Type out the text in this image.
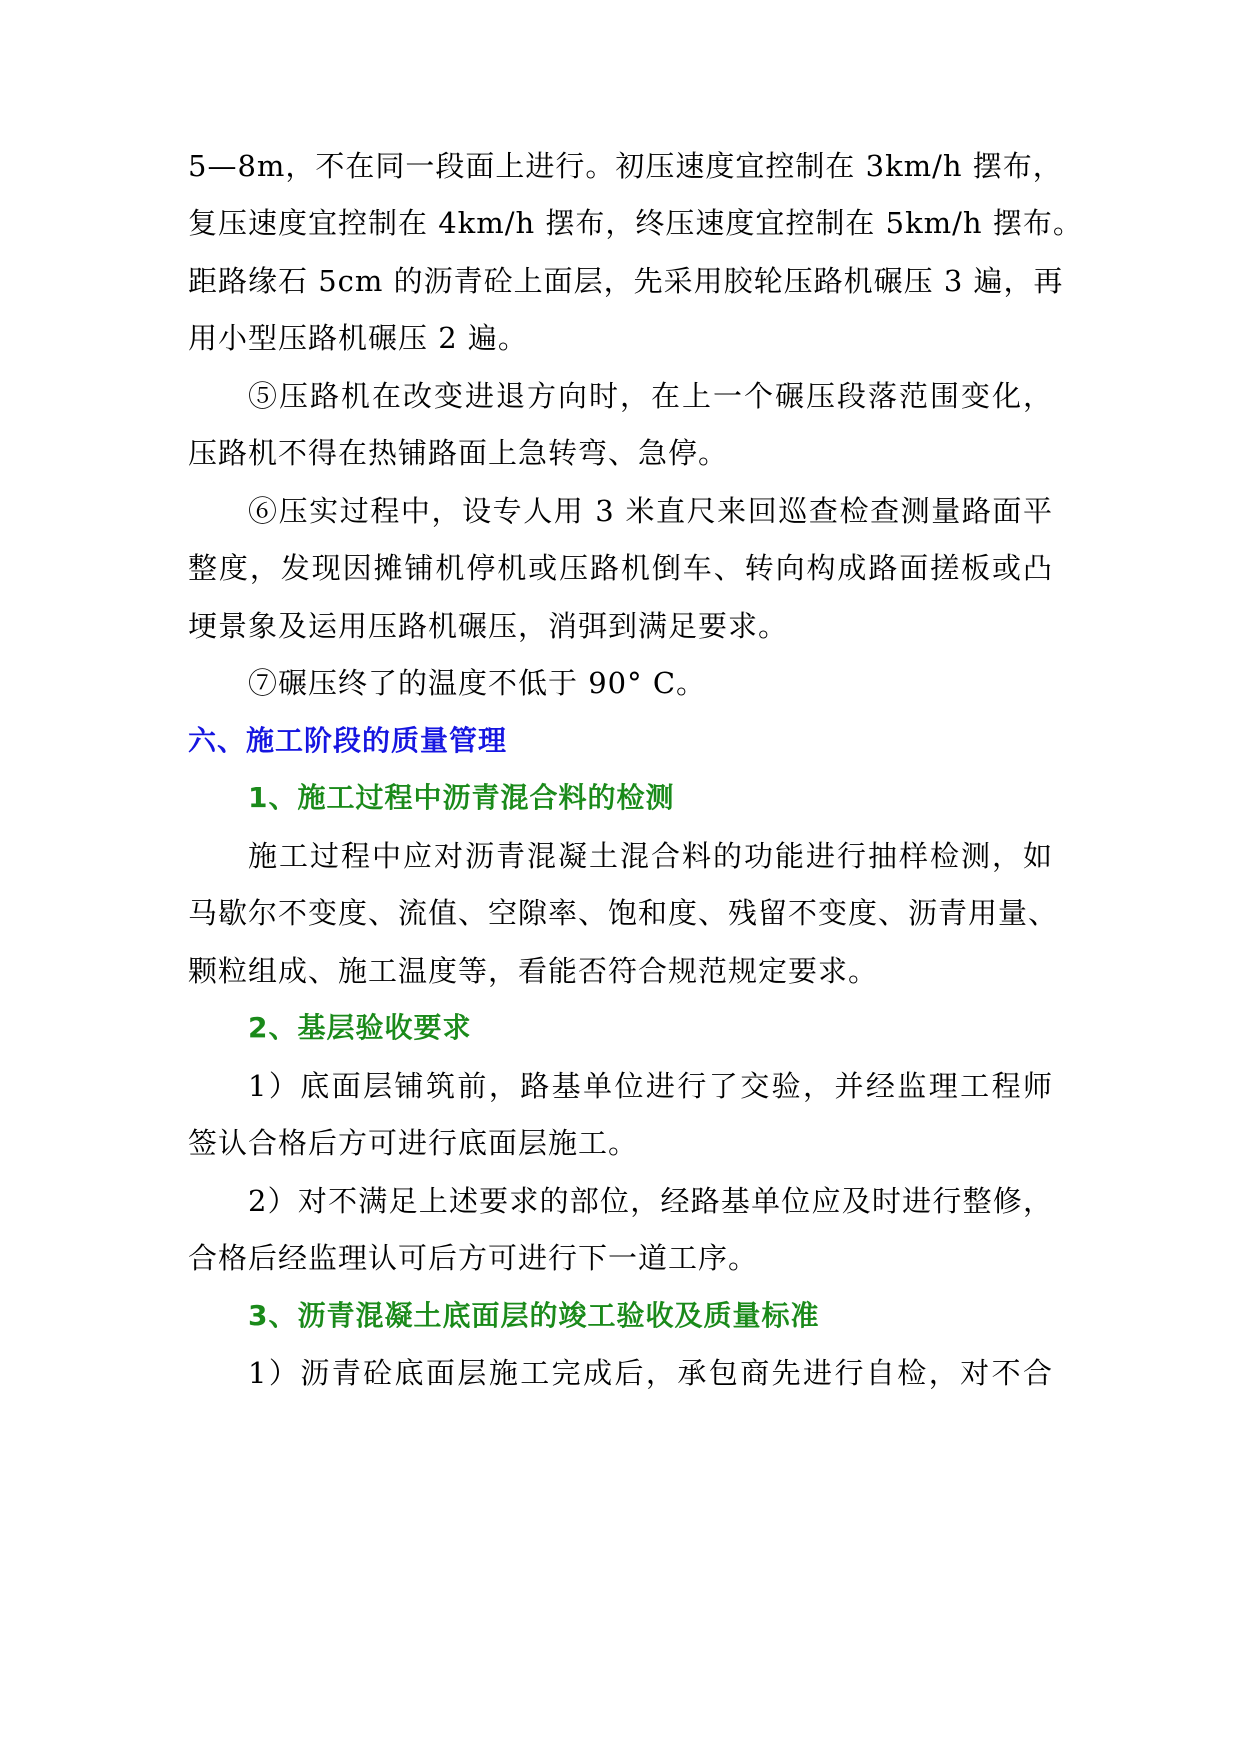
5—8m，不在同一段面上进行。初压速度宜控制在 3km/h 摆布，
复压速度宜控制在 4km/h 摆布，终压速度宜控制在 5km/h 摆布。
距路缘石 5cm 的沥青砼上面层，先采用胶轮压路机碾压 3 遍，再
用小型压路机碾压 2 遍。
⑤压路机在改变进退方向时，在上一个碾压段落范围变化，
压路机不得在热铺路面上急转弯、急停。
⑥压实过程中，设专人用 3 米直尺来回巡查检查测量路面平
整度，发现因摊铺机停机或压路机倒车、转向构成路面搓板或凸
埂景象及运用压路机碾压，消弭到满足要求。
⑦碾压终了的温度不低于 90° C。
六、施工阶段的质量管理
1、施工过程中沥青混合料的检测
施工过程中应对沥青混凝土混合料的功能进行抽样检测，如
马歇尔不变度、流值、空隙率、饱和度、残留不变度、沥青用量、
颗粒组成、施工温度等，看能否符合规范规定要求。
2、基层验收要求
1）底面层铺筑前，路基单位进行了交验，并经监理工程师
签认合格后方可进行底面层施工。
2）对不满足上述要求的部位，经路基单位应及时进行整修，
合格后经监理认可后方可进行下一道工序。
3、沥青混凝土底面层的竣工验收及质量标准
1）沥青砼底面层施工完成后，承包商先进行自检，对不合
